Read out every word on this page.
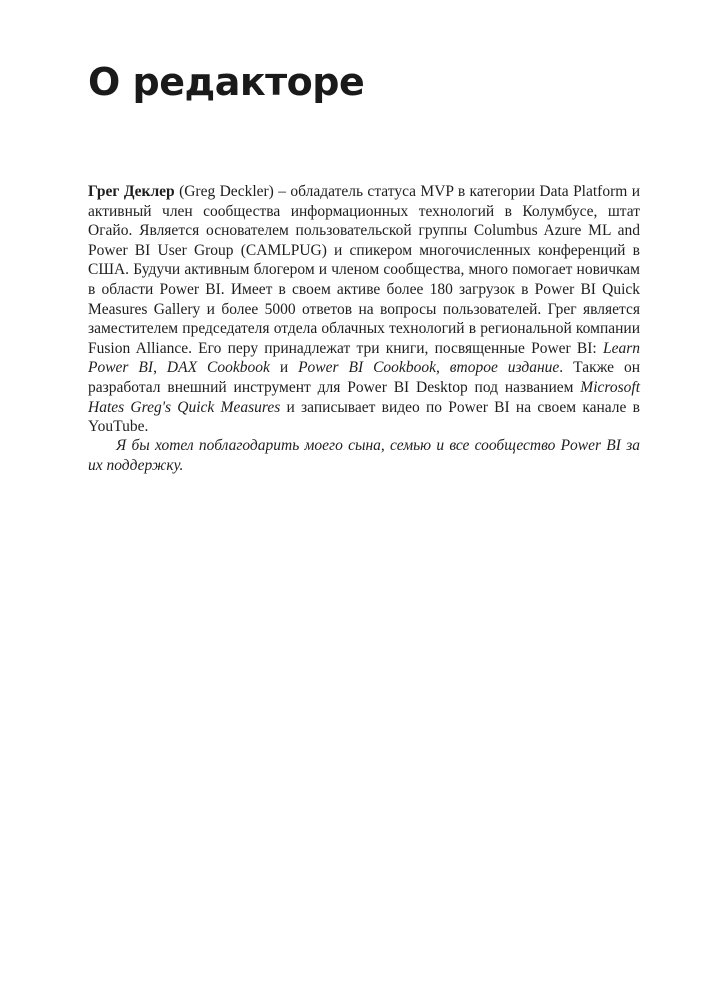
О редакторе

Грег Деклер (Greg Deckler) – обладатель статуса MVP в категории Data Platform и активный член сообщества информационных технологий в Колумбусе, штат Огайо. Является основателем пользовательской группы Columbus Azure ML and Power BI User Group (CAMLPUG) и спикером многочисленных конференций в США. Будучи активным блогером и членом сообщества, много помогает новичкам в области Power BI. Имеет в своем активе более 180 загрузок в Power BI Quick Measures Gallery и более 5000 ответов на вопросы пользователей. Грег является заместителем председателя отдела облачных технологий в региональной компании Fusion Alliance. Его перу принадлежат три книги, посвященные Power BI: Learn Power BI, DAX Cookbook и Power BI Cookbook, второе издание. Также он разработал внешний инструмент для Power BI Desktop под названием Microsoft Hates Greg's Quick Measures и записывает видео по Power BI на своем канале в YouTube.

Я бы хотел поблагодарить моего сына, семью и все сообщество Power BI за их поддержку.
